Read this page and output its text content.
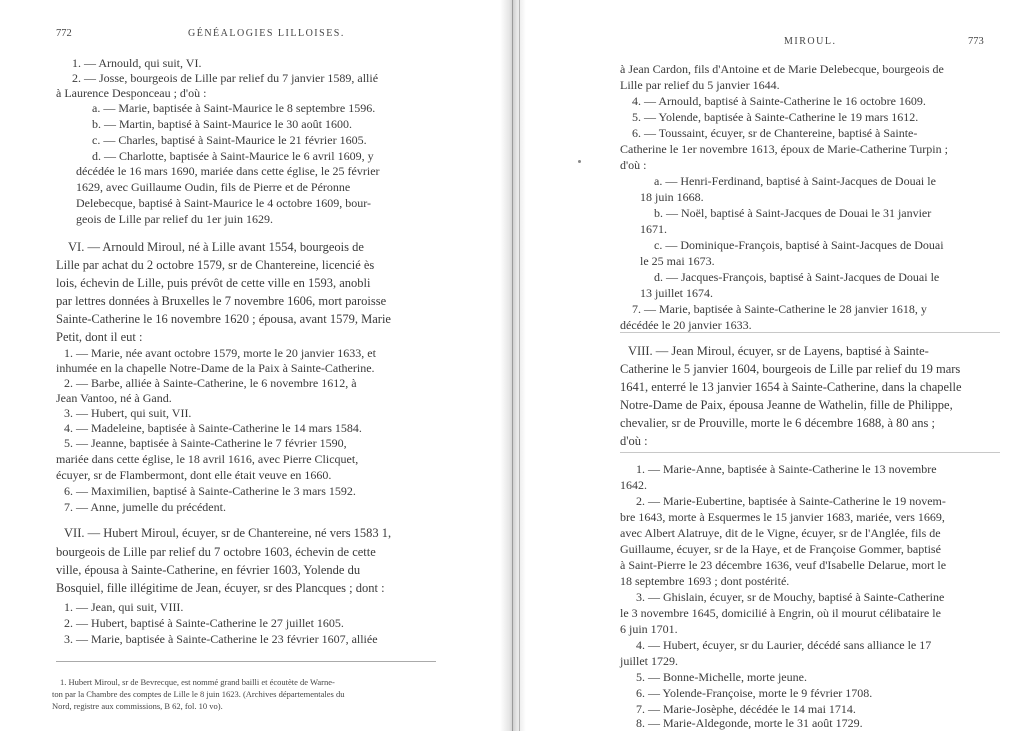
772	GÉNÉALOGIES LILLOISES.
1. — Arnould, qui suit, VI.
2. — Josse, bourgeois de Lille par relief du 7 janvier 1589, allié
à Laurence Desponceau ; d'où :
a. — Marie, baptisée à Saint-Maurice le 8 septembre 1596.
b. — Martin, baptisé à Saint-Maurice le 30 août 1600.
c. — Charles, baptisé à Saint-Maurice le 21 février 1605.
d. — Charlotte, baptisée à Saint-Maurice le 6 avril 1609, y
décédée le 16 mars 1690, mariée dans cette église, le 25 février
1629, avec Guillaume Oudin, fils de Pierre et de Péronne
Delebecque, baptisé à Saint-Maurice le 4 octobre 1609, bour-
geois de Lille par relief du 1er juin 1629.
VI. — Arnould Miroul, né à Lille avant 1554, bourgeois de
Lille par achat du 2 octobre 1579, sr de Chantereine, licencié ès
lois, échevin de Lille, puis prévôt de cette ville en 1593, anobli
par lettres données à Bruxelles le 7 novembre 1606, mort paroisse
Sainte-Catherine le 16 novembre 1620 ; épousa, avant 1579, Marie
Petit, dont il eut :
1. — Marie, née avant octobre 1579, morte le 20 janvier 1633, et
inhumée en la chapelle Notre-Dame de la Paix à Sainte-Catherine.
2. — Barbe, alliée à Sainte-Catherine, le 6 novembre 1612, à
Jean Vantoo, né à Gand.
3. — Hubert, qui suit, VII.
4. — Madeleine, baptisée à Sainte-Catherine le 14 mars 1584.
5. — Jeanne, baptisée à Sainte-Catherine le 7 février 1590,
mariée dans cette église, le 18 avril 1616, avec Pierre Clicquet,
écuyer, sr de Flambermont, dont elle était veuve en 1660.
6. — Maximilien, baptisé à Sainte-Catherine le 3 mars 1592.
7. — Anne, jumelle du précédent.
VII. — Hubert Miroul, écuyer, sr de Chantereine, né vers 1583 1,
bourgeois de Lille par relief du 7 octobre 1603, échevin de cette
ville, épousa à Sainte-Catherine, en février 1603, Yolende du
Bosquiel, fille illégitime de Jean, écuyer, sr des Plancques ; dont :
1. — Jean, qui suit, VIII.
2. — Hubert, baptisé à Sainte-Catherine le 27 juillet 1605.
3. — Marie, baptisée à Sainte-Catherine le 23 février 1607, alliée
1. Hubert Miroul, sr de Bevrecque, est nommé grand bailli et écoutète de Warne-
ton par la Chambre des comptes de Lille le 8 juin 1623. (Archives départementales du
Nord, registre aux commissions, B 62, fol. 10 vo).
MIROUL.	773
à Jean Cardon, fils d'Antoine et de Marie Delebecque, bourgeois de
Lille par relief du 5 janvier 1644.
4. — Arnould, baptisé à Sainte-Catherine le 16 octobre 1609.
5. — Yolende, baptisée à Sainte-Catherine le 19 mars 1612.
6. — Toussaint, écuyer, sr de Chantereine, baptisé à Sainte-
Catherine le 1er novembre 1613, époux de Marie-Catherine Turpin ;
d'où :
a. — Henri-Ferdinand, baptisé à Saint-Jacques de Douai le
18 juin 1668.
b. — Noël, baptisé à Saint-Jacques de Douai le 31 janvier
1671.
c. — Dominique-François, baptisé à Saint-Jacques de Douai
le 25 mai 1673.
d. — Jacques-François, baptisé à Saint-Jacques de Douai le
13 juillet 1674.
7. — Marie, baptisée à Sainte-Catherine le 28 janvier 1618, y
décédée le 20 janvier 1633.
VIII. — Jean Miroul, écuyer, sr de Layens, baptisé à Sainte-
Catherine le 5 janvier 1604, bourgeois de Lille par relief du 19 mars
1641, enterré le 13 janvier 1654 à Sainte-Catherine, dans la chapelle
Notre-Dame de Paix, épousa Jeanne de Wathelin, fille de Philippe,
chevalier, sr de Prouville, morte le 6 décembre 1688, à 80 ans ;
d'où :
1. — Marie-Anne, baptisée à Sainte-Catherine le 13 novembre
1642.
2. — Marie-Eubertine, baptisée à Sainte-Catherine le 19 novem-
bre 1643, morte à Esquermes le 15 janvier 1683, mariée, vers 1669,
avec Albert Alatruye, dit de le Vigne, écuyer, sr de l'Anglée, fils de
Guillaume, écuyer, sr de la Haye, et de Françoise Gommer, baptisé
à Saint-Pierre le 23 décembre 1636, veuf d'Isabelle Delarue, mort le
18 septembre 1693 ; dont postérité.
3. — Ghislain, écuyer, sr de Mouchy, baptisé à Sainte-Catherine
le 3 novembre 1645, domicilié à Engrin, où il mourut célibataire le
6 juin 1701.
4. — Hubert, écuyer, sr du Laurier, décédé sans alliance le 17
juillet 1729.
5. — Bonne-Michelle, morte jeune.
6. — Yolende-Françoise, morte le 9 février 1708.
7. — Marie-Josèphe, décédée le 14 mai 1714.
8. — Marie-Aldegonde, morte le 31 août 1729.
